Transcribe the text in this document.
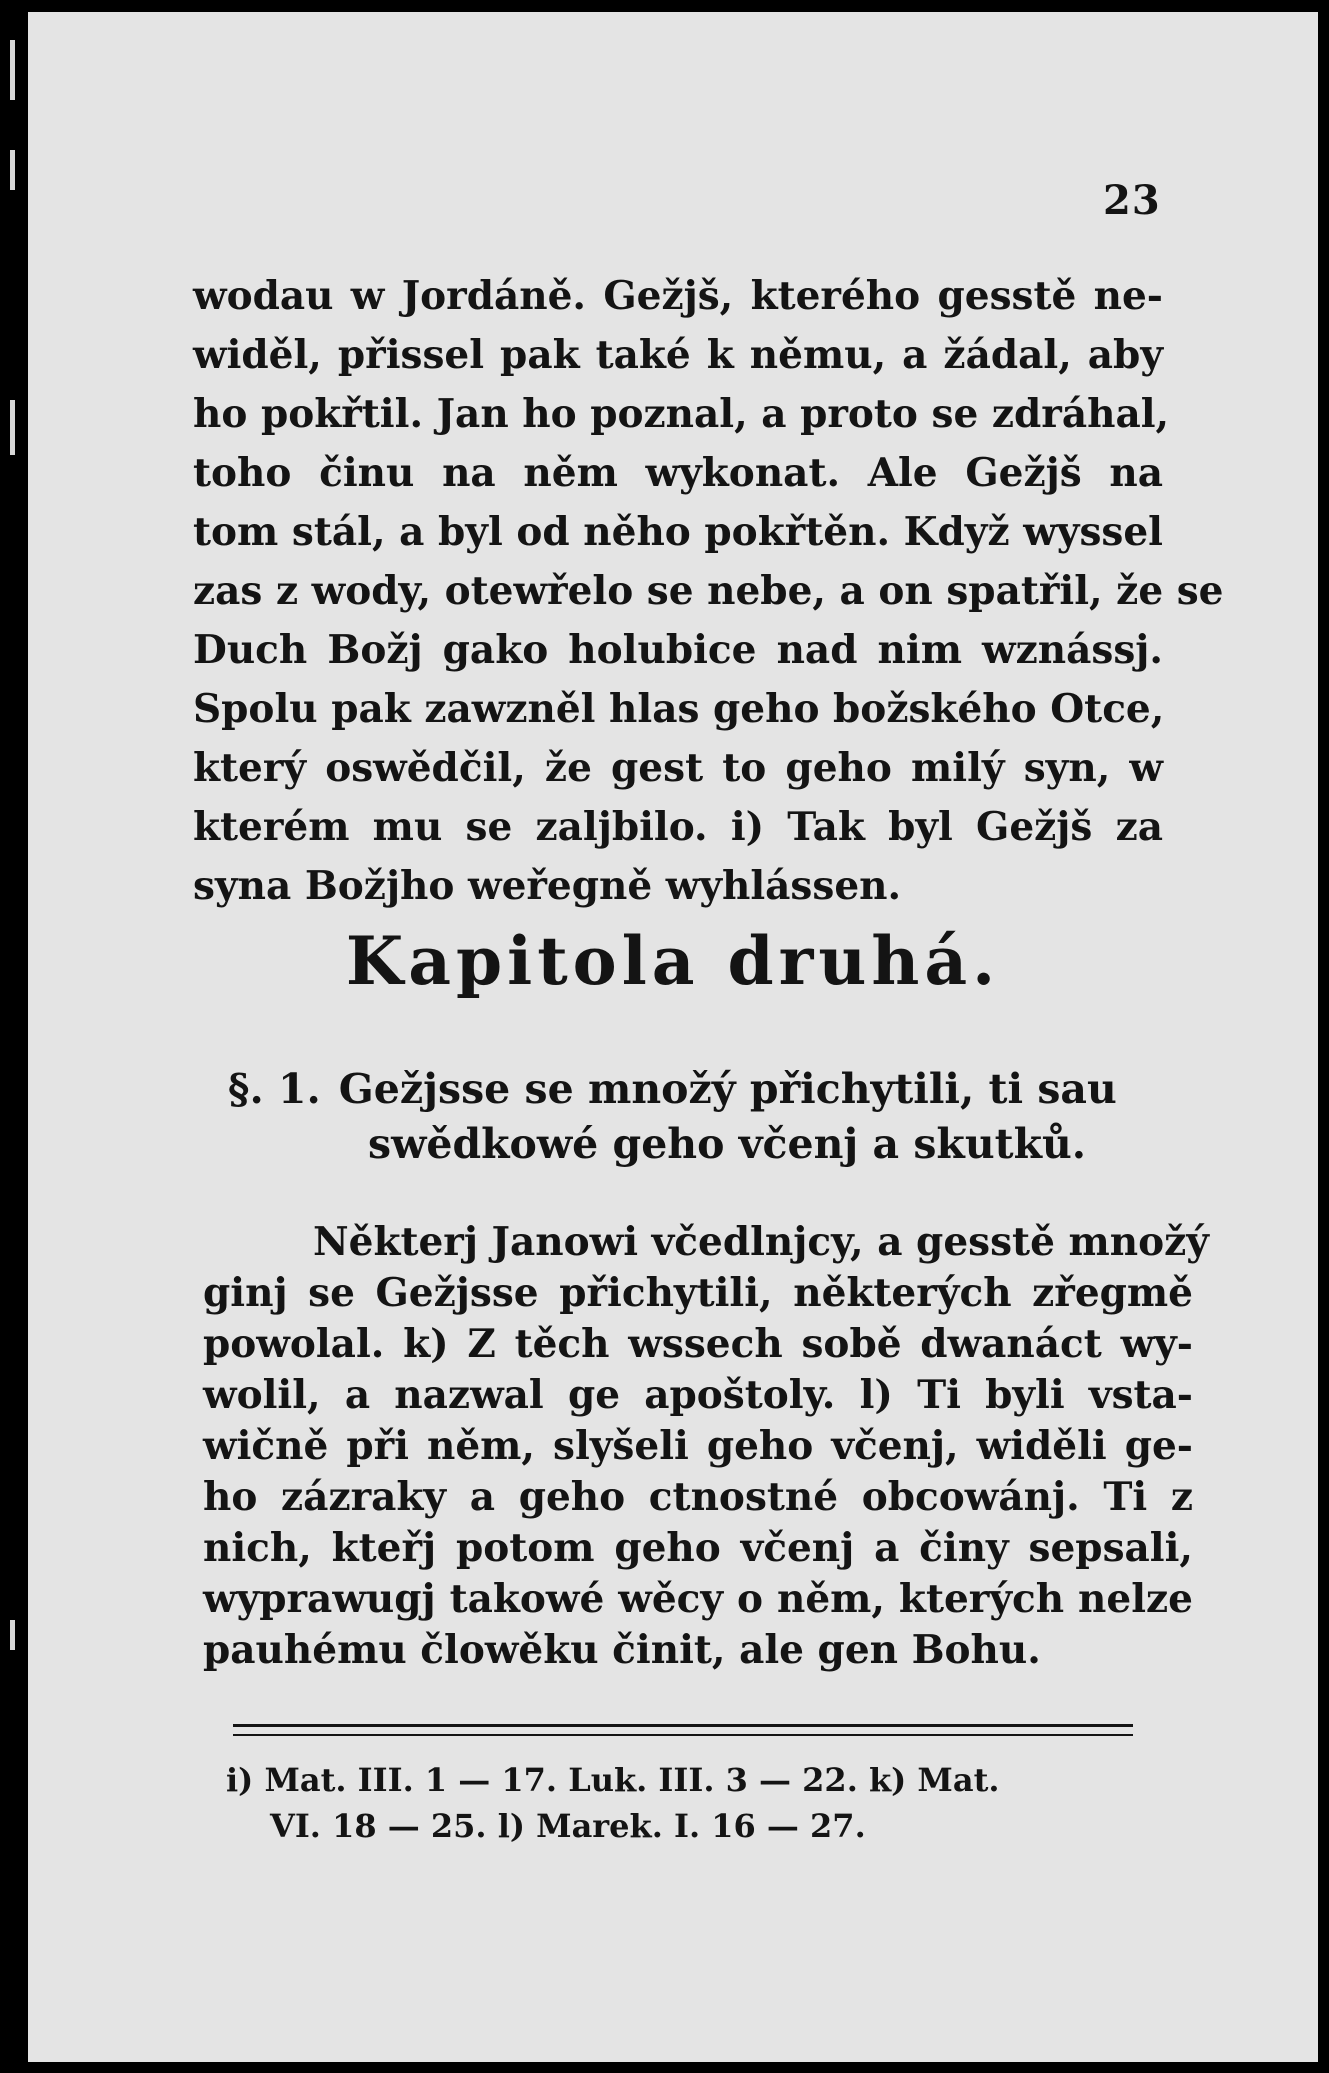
23

wodau w Jordáně. Gežjš, kterého gesstě ne-
widěl, přissel pak také k němu, a žádal, aby
ho pokřtil. Jan ho poznal, a proto se zdráhal,
toho činu na něm wykonat. Ale Gežjš na
tom stál, a byl od něho pokřtěn. Když wyssel
zas z wody, otewřelo se nebe, a on spatřil, že se
Duch Božj gako holubice nad nim wznássj.
Spolu pak zawzněl hlas geho božského Otce,
který oswědčil, že gest to geho milý syn, w
kterém mu se zaljbilo. i) Tak byl Gežjš za
syna Božjho weřegně wyhlássen.

Kapitola druhá.
§. 1. Gežjsse se množý přichytili, ti sau
swědkowé geho včenj a skutků.

Některj Janowi včedlnjcy, a gesstě množý
ginj se Gežjsse přichytili, některých zřegmě
powolal. k) Z těch wssech sobě dwanáct wy-
wolil, a nazwal ge apoštoly. l) Ti byli vsta-
wičně při něm, slyšeli geho včenj, widěli ge-
ho zázraky a geho ctnostné obcowánj. Ti z
nich, kteřj potom geho včenj a činy sepsali,
wyprawugj takowé wěcy o něm, kterých nelze
pauhému člowěku činit, ale gen Bohu.

i) Mat. III. 1 — 17. Luk. III. 3 — 22. k) Mat.
VI. 18 — 25. l) Marek. I. 16 — 27.
